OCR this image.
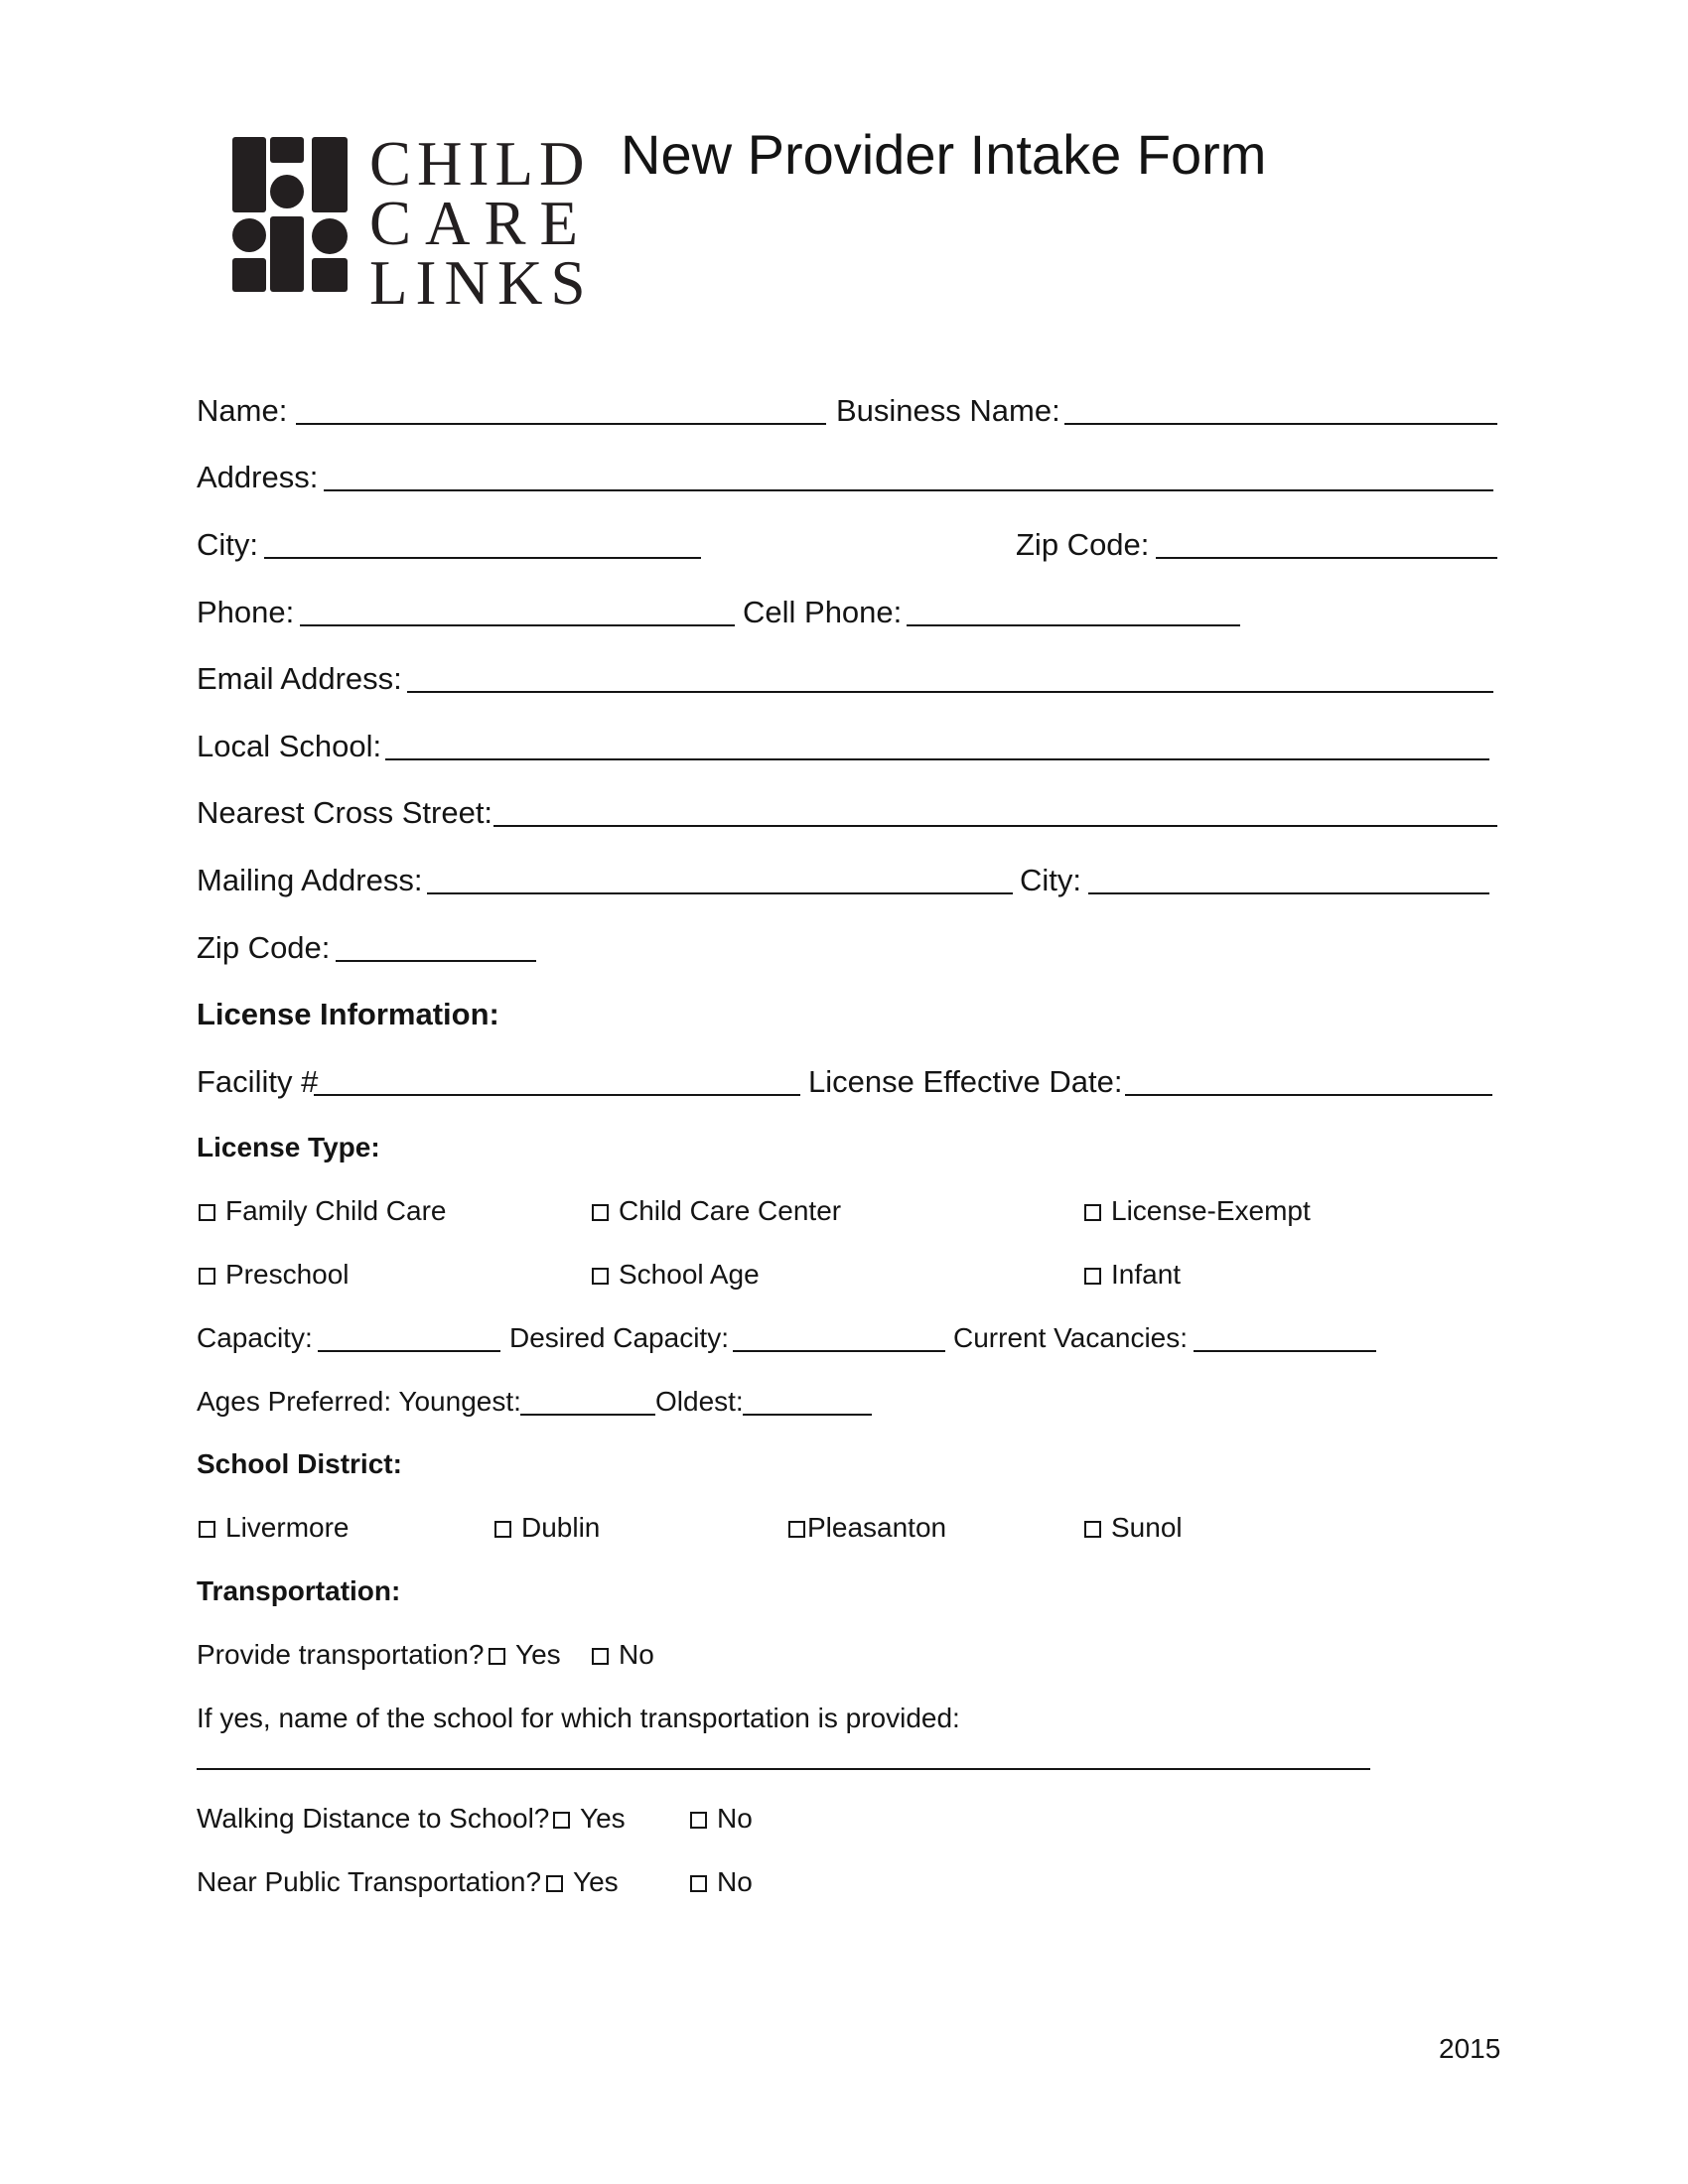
CHILD
CARE
LINKS
New Provider Intake Form
Name:	Business Name:
Address:
City:	Zip Code:
Phone:	Cell Phone:
Email Address:
Local School:
Nearest Cross Street:
Mailing Address:	City:
Zip Code:
License Information:
Facility #	License Effective Date:
License Type:
Family Child Care	Child Care Center	License-Exempt
Preschool	School Age	Infant
Capacity:	Desired Capacity:	Current Vacancies:
Ages Preferred: Youngest:	Oldest:
School District:
Livermore	Dublin	Pleasanton	Sunol
Transportation:
Provide transportation?	Yes	No
If yes, name of the school for which transportation is provided:
Walking Distance to School?	Yes	No
Near Public Transportation?	Yes	No
2015
